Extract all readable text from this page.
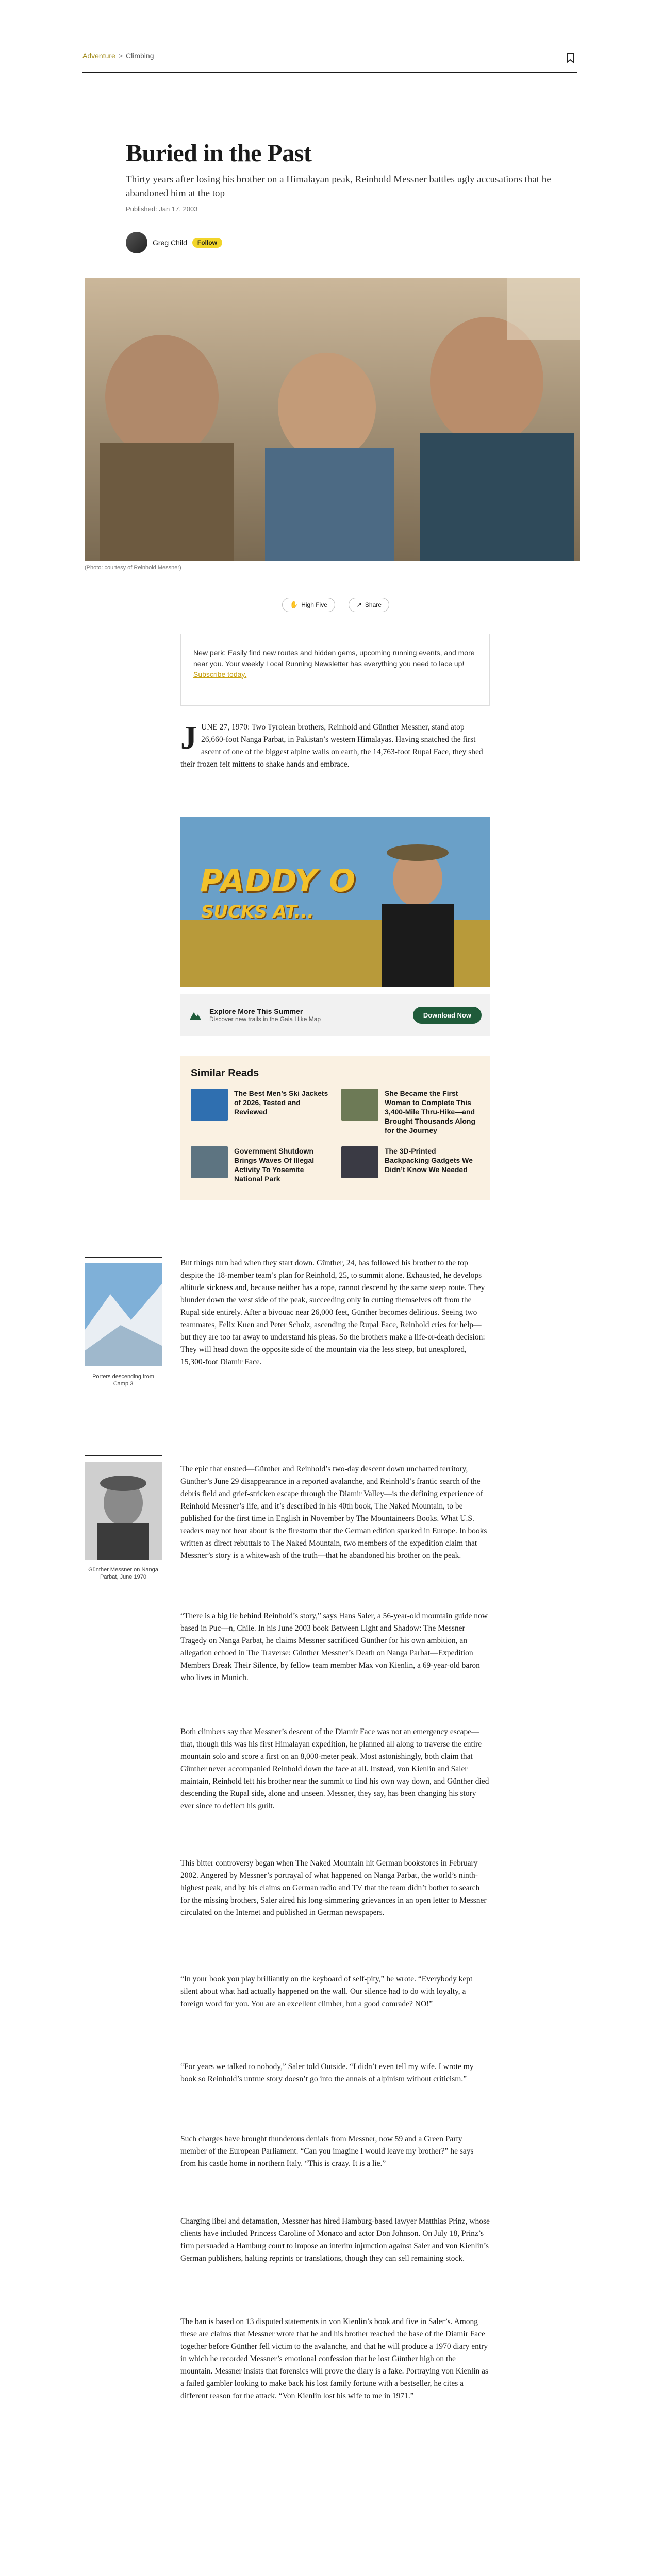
Adventure > Climbing
Buried in the Past

Thirty years after losing his brother on a Himalayan peak, Reinhold Messner battles ugly accusations that he abandoned him at the top

Published: Jan 17, 2003
Greg Child	Follow
(Photo: courtesy of Reinhold Messner)
✋ High Five	↗ Share
New perk: Easily find new routes and hidden gems, upcoming running events, and more near you. Your weekly Local Running Newsletter has everything you need to lace up! Subscribe today.
JUNE 27, 1970: Two Tyrolean brothers, Reinhold and Günther Messner, stand atop 26,660-foot Nanga Parbat, in Pakistan’s western Himalayas. Having snatched the first ascent of one of the biggest alpine walls on earth, the 14,763-foot Rupal Face, they shed their frozen felt mittens to shake hands and embrace.
PADDY O
SUCKS AT...
Explore More This Summer
Discover new trails in the Gaia Hike Map
Download Now
Similar Reads
The Best Men’s Ski Jackets of 2026, Tested and Reviewed
She Became the First Woman to Complete This 3,400-Mile Thru-Hike—and Brought Thousands Along for the Journey
Government Shutdown Brings Waves Of Illegal Activity To Yosemite National Park
The 3D-Printed Backpacking Gadgets We Didn’t Know We Needed
Porters descending from Camp 3
Günther Messner on Nanga Parbat, June 1970
But things turn bad when they start down. Günther, 24, has followed his brother to the top despite the 18-member team’s plan for Reinhold, 25, to summit alone. Exhausted, he develops altitude sickness and, because neither has a rope, cannot descend by the same steep route. They blunder down the west side of the peak, succeeding only in cutting themselves off from the Rupal side entirely. After a bivouac near 26,000 feet, Günther becomes delirious. Seeing two teammates, Felix Kuen and Peter Scholz, ascending the Rupal Face, Reinhold cries for help—but they are too far away to understand his pleas. So the brothers make a life-or-death decision: They will head down the opposite side of the mountain via the less steep, but unexplored, 15,300-foot Diamir Face.
The epic that ensued—Günther and Reinhold’s two-day descent down uncharted territory, Günther’s June 29 disappearance in a reported avalanche, and Reinhold’s frantic search of the debris field and grief-stricken escape through the Diamir Valley—is the defining experience of Reinhold Messner’s life, and it’s described in his 40th book, The Naked Mountain, to be published for the first time in English in November by The Mountaineers Books. What U.S. readers may not hear about is the firestorm that the German edition sparked in Europe. In books written as direct rebuttals to The Naked Mountain, two members of the expedition claim that Messner’s story is a whitewash of the truth—that he abandoned his brother on the peak.
“There is a big lie behind Reinhold’s story,” says Hans Saler, a 56-year-old mountain guide now based in Puc—n, Chile. In his June 2003 book Between Light and Shadow: The Messner Tragedy on Nanga Parbat, he claims Messner sacrificed Günther for his own ambition, an allegation echoed in The Traverse: Günther Messner’s Death on Nanga Parbat—Expedition Members Break Their Silence, by fellow team member Max von Kienlin, a 69-year-old baron who lives in Munich.
Both climbers say that Messner’s descent of the Diamir Face was not an emergency escape—that, though this was his first Himalayan expedition, he planned all along to traverse the entire mountain solo and score a first on an 8,000-meter peak. Most astonishingly, both claim that Günther never accompanied Reinhold down the face at all. Instead, von Kienlin and Saler maintain, Reinhold left his brother near the summit to find his own way down, and Günther died descending the Rupal side, alone and unseen. Messner, they say, has been changing his story ever since to deflect his guilt.
This bitter controversy began when The Naked Mountain hit German bookstores in February 2002. Angered by Messner’s portrayal of what happened on Nanga Parbat, the world’s ninth-highest peak, and by his claims on German radio and TV that the team didn’t bother to search for the missing brothers, Saler aired his long-simmering grievances in an open letter to Messner circulated on the Internet and published in German newspapers.
“In your book you play brilliantly on the keyboard of self-pity,” he wrote. “Everybody kept silent about what had actually happened on the wall. Our silence had to do with loyalty, a foreign word for you. You are an excellent climber, but a good comrade? NO!”
“For years we talked to nobody,” Saler told Outside. “I didn’t even tell my wife. I wrote my book so Reinhold’s untrue story doesn’t go into the annals of alpinism without criticism.”
Such charges have brought thunderous denials from Messner, now 59 and a Green Party member of the European Parliament. “Can you imagine I would leave my brother?” he says from his castle home in northern Italy. “This is crazy. It is a lie.”
Charging libel and defamation, Messner has hired Hamburg-based lawyer Matthias Prinz, whose clients have included Princess Caroline of Monaco and actor Don Johnson. On July 18, Prinz’s firm persuaded a Hamburg court to impose an interim injunction against Saler and von Kienlin’s German publishers, halting reprints or translations, though they can sell remaining stock.
The ban is based on 13 disputed statements in von Kienlin’s book and five in Saler’s. Among these are claims that Messner wrote that he and his brother reached the base of the Diamir Face together before Günther fell victim to the avalanche, and that he will produce a 1970 diary entry in which he recorded Messner’s emotional confession that he lost Günther high on the mountain. Messner insists that forensics will prove the diary is a fake. Portraying von Kienlin as a failed gambler looking to make back his lost family fortune with a bestseller, he cites a different reason for the attack. “Von Kienlin lost his wife to me in 1971.”
